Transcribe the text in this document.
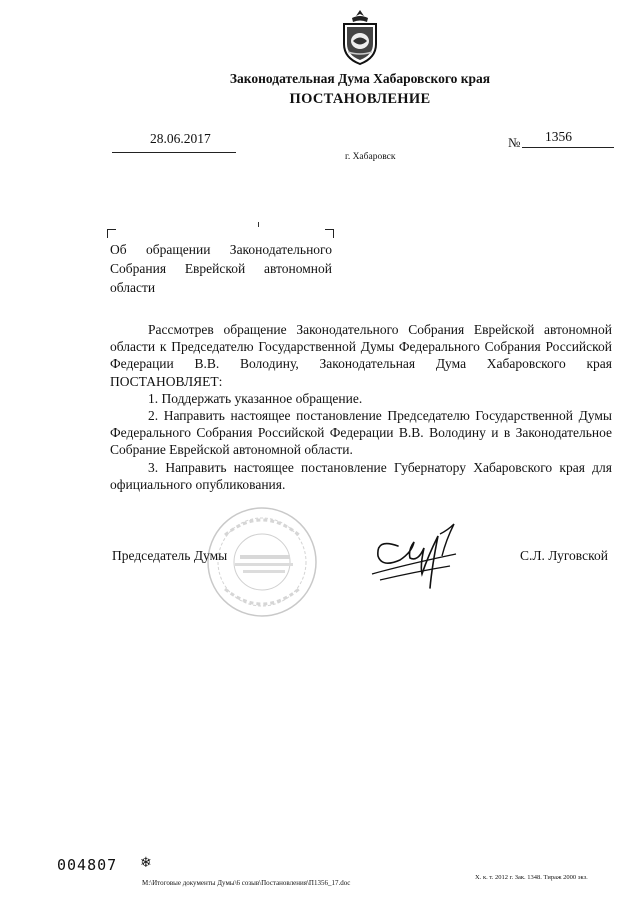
Законодательная Дума Хабаровского края
ПОСТАНОВЛЕНИЕ
28.06.2017	№ 1356
г. Хабаровск

Об обращении Законодательного Собрания Еврейской автономной области

Рассмотрев обращение Законодательного Собрания Еврейской автономной области к Председателю Государственной Думы Федерального Собрания Российской Федерации В.В. Володину, Законодательная Дума Хабаровского края ПОСТАНОВЛЯЕТ:

1. Поддержать указанное обращение.

2. Направить настоящее постановление Председателю Государственной Думы Федерального Собрания Российской Федерации В.В. Володину и в Законодательное Собрание Еврейской автономной области.

3. Направить настоящее постановление Губернатору Хабаровского края для официального опубликования.

Председатель Думы	С.Л. Луговской
004807 ❄
M:\Итоговые документы Думы\6 созыв\Постановления\П1356_17.doc
Х. к. т. 2012 г. Зак. 1348. Тираж 2000 экз.
